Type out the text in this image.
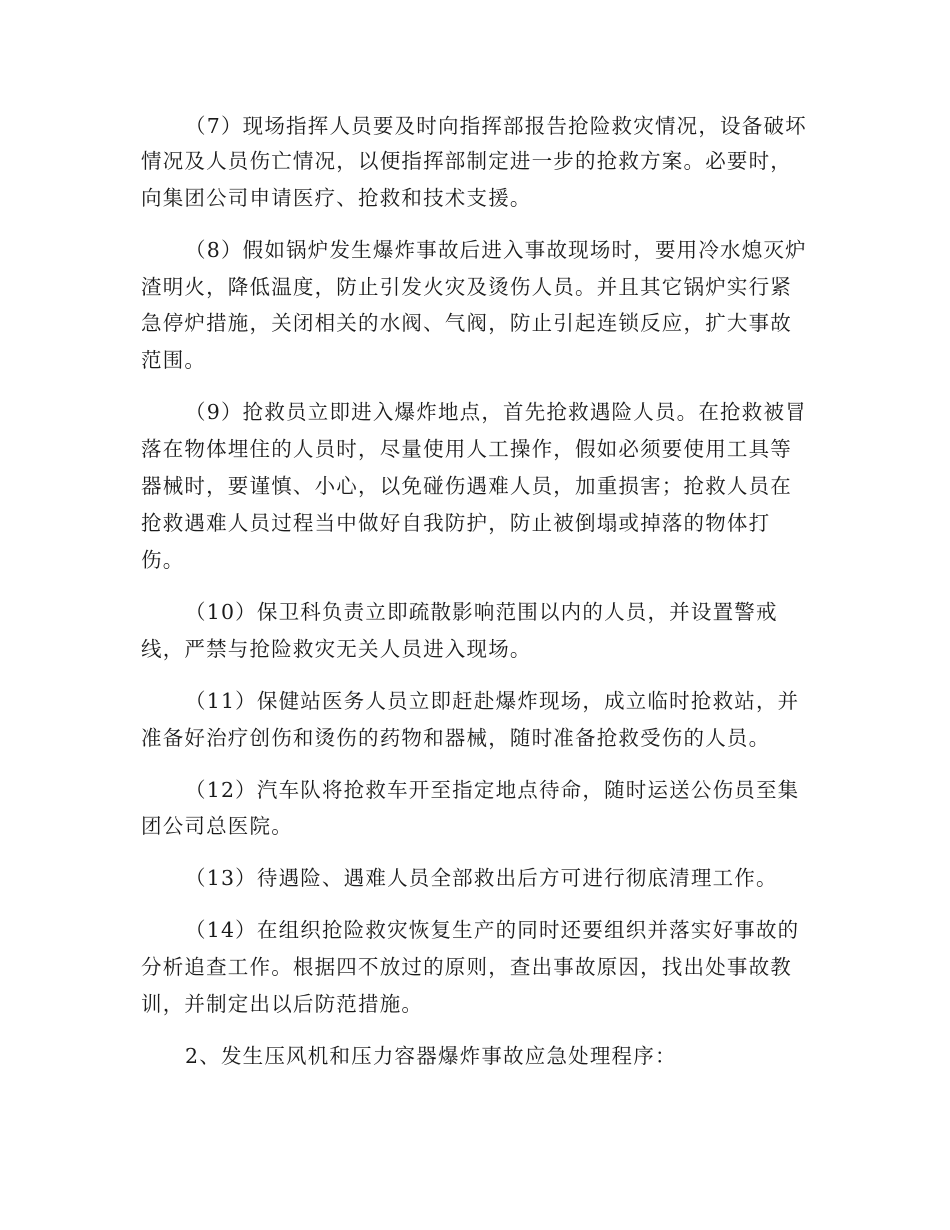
（7）现场指挥人员要及时向指挥部报告抢险救灾情况，设备破坏

情况及人员伤亡情况，以便指挥部制定进一步的抢救方案。必要时，

向集团公司申请医疗、抢救和技术支援。

（8）假如锅炉发生爆炸事故后进入事故现场时，要用冷水熄灭炉

渣明火，降低温度，防止引发火灾及烫伤人员。并且其它锅炉实行紧

急停炉措施，关闭相关的水阀、气阀，防止引起连锁反应，扩大事故

范围。

（9）抢救员立即进入爆炸地点，首先抢救遇险人员。在抢救被冒

落在物体埋住的人员时，尽量使用人工操作，假如必须要使用工具等

器械时，要谨慎、小心，以免碰伤遇难人员，加重损害；抢救人员在

抢救遇难人员过程当中做好自我防护，防止被倒塌或掉落的物体打

伤。

（10）保卫科负责立即疏散影响范围以内的人员，并设置警戒

线，严禁与抢险救灾无关人员进入现场。

（11）保健站医务人员立即赶赴爆炸现场，成立临时抢救站，并

准备好治疗创伤和烫伤的药物和器械，随时准备抢救受伤的人员。

（12）汽车队将抢救车开至指定地点待命，随时运送公伤员至集

团公司总医院。

（13）待遇险、遇难人员全部救出后方可进行彻底清理工作。

（14）在组织抢险救灾恢复生产的同时还要组织并落实好事故的

分析追查工作。根据四不放过的原则，查出事故原因，找出处事故教

训，并制定出以后防范措施。

2、发生压风机和压力容器爆炸事故应急处理程序：
